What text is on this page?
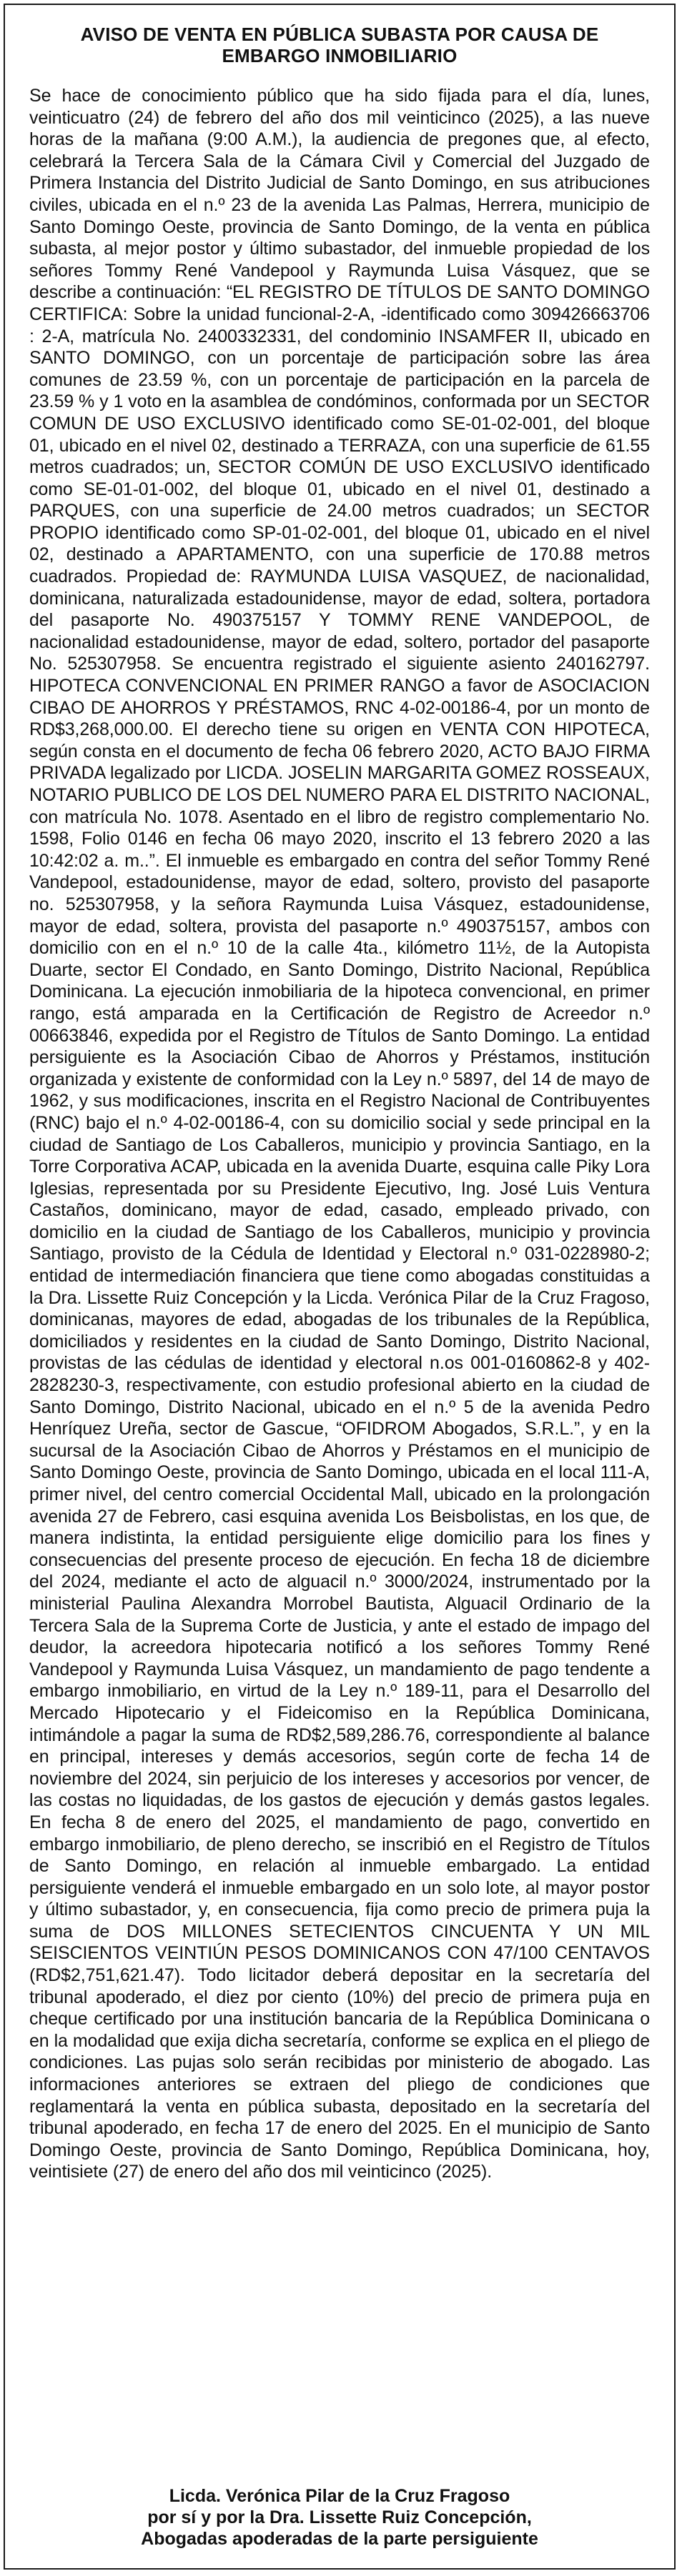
AVISO DE VENTA EN PÚBLICA SUBASTA POR CAUSA DE
EMBARGO INMOBILIARIO

Se hace de conocimiento público que ha sido fijada para el día, lunes, veinticuatro (24) de febrero del año dos mil veinticinco (2025), a las nueve horas de la mañana (9:00 A.M.), la audiencia de pregones que, al efecto, celebrará la Tercera Sala de la Cámara Civil y Comercial del Juzgado de Primera Instancia del Distrito Judicial de Santo Domingo, en sus atribuciones civiles, ubicada en el n.º 23 de la avenida Las Palmas, Herrera, municipio de Santo Domingo Oeste, provincia de Santo Domingo, de la venta en pública subasta, al mejor postor y último subastador, del inmueble propiedad de los señores Tommy René Vandepool y Raymunda Luisa Vásquez, que se describe a continuación: “EL REGISTRO DE TÍTULOS DE SANTO DOMINGO CERTIFICA: Sobre la unidad funcional-2-A, -identificado como 309426663706 : 2-A, matrícula No. 2400332331, del condominio INSAMFER II, ubicado en SANTO DOMINGO, con un porcentaje de participación sobre las área comunes de 23.59 %, con un porcentaje de participación en la parcela de 23.59 % y 1 voto en la asamblea de condóminos, conformada por un SECTOR COMUN DE USO EXCLUSIVO identificado como SE-01-02-001, del bloque 01, ubicado en el nivel 02, destinado a TERRAZA, con una superficie de 61.55 metros cuadrados; un, SECTOR COMÚN DE USO EXCLUSIVO identificado como SE-01-01-002, del bloque 01, ubicado en el nivel 01, destinado a PARQUES, con una superficie de 24.00 metros cuadrados; un SECTOR PROPIO identificado como SP-01-02-001, del bloque 01, ubicado en el nivel 02, destinado a APARTAMENTO, con una superficie de 170.88 metros cuadrados. Propiedad de: RAYMUNDA LUISA VASQUEZ, de nacionalidad, dominicana, naturalizada estadounidense, mayor de edad, soltera, portadora del pasaporte No. 490375157 Y TOMMY RENE VANDEPOOL, de nacionalidad estadounidense, mayor de edad, soltero, portador del pasaporte No. 525307958. Se encuentra registrado el siguiente asiento 240162797. HIPOTECA CONVENCIONAL EN PRIMER RANGO a favor de ASOCIACION CIBAO DE AHORROS Y PRÉSTAMOS, RNC 4-02-00186-4, por un monto de RD$3,268,000.00. El derecho tiene su origen en VENTA CON HIPOTECA, según consta en el documento de fecha 06 febrero 2020, ACTO BAJO FIRMA PRIVADA legalizado por LICDA. JOSELIN MARGARITA GOMEZ ROSSEAUX, NOTARIO PUBLICO DE LOS DEL NUMERO PARA EL DISTRITO NACIONAL, con matrícula No. 1078. Asentado en el libro de registro complementario No. 1598, Folio 0146 en fecha 06 mayo 2020, inscrito el 13 febrero 2020 a las 10:42:02 a. m..”. El inmueble es embargado en contra del señor Tommy René Vandepool, estadounidense, mayor de edad, soltero, provisto del pasaporte no. 525307958, y la señora Raymunda Luisa Vásquez, estadounidense, mayor de edad, soltera, provista del pasaporte n.º 490375157, ambos con domicilio con en el n.º 10 de la calle 4ta., kilómetro 11½, de la Autopista Duarte, sector El Condado, en Santo Domingo, Distrito Nacional, República Dominicana. La ejecución inmobiliaria de la hipoteca convencional, en primer rango, está amparada en la Certificación de Registro de Acreedor n.º 00663846, expedida por el Registro de Títulos de Santo Domingo. La entidad persiguiente es la Asociación Cibao de Ahorros y Préstamos, institución organizada y existente de conformidad con la Ley n.º 5897, del 14 de mayo de 1962, y sus modificaciones, inscrita en el Registro Nacional de Contribuyentes (RNC) bajo el n.º 4-02-00186-4, con su domicilio social y sede principal en la ciudad de Santiago de Los Caballeros, municipio y provincia Santiago, en la Torre Corporativa ACAP, ubicada en la avenida Duarte, esquina calle Piky Lora Iglesias, representada por su Presidente Ejecutivo, Ing. José Luis Ventura Castaños, dominicano, mayor de edad, casado, empleado privado, con domicilio en la ciudad de Santiago de los Caballeros, municipio y provincia Santiago, provisto de la Cédula de Identidad y Electoral n.º 031-0228980-2; entidad de intermediación financiera que tiene como abogadas constituidas a la Dra. Lissette Ruiz Concepción y la Licda. Verónica Pilar de la Cruz Fragoso, dominicanas, mayores de edad, abogadas de los tribunales de la República, domiciliados y residentes en la ciudad de Santo Domingo, Distrito Nacional, provistas de las cédulas de identidad y electoral n.os 001-0160862-8 y 402-2828230-3, respectivamente, con estudio profesional abierto en la ciudad de Santo Domingo, Distrito Nacional, ubicado en el n.º 5 de la avenida Pedro Henríquez Ureña, sector de Gascue, “OFIDROM Abogados, S.R.L.”, y en la sucursal de la Asociación Cibao de Ahorros y Préstamos en el municipio de Santo Domingo Oeste, provincia de Santo Domingo, ubicada en el local 111-A, primer nivel, del centro comercial Occidental Mall, ubicado en la prolongación avenida 27 de Febrero, casi esquina avenida Los Beisbolistas, en los que, de manera indistinta, la entidad persiguiente elige domicilio para los fines y consecuencias del presente proceso de ejecución. En fecha 18 de diciembre del 2024, mediante el acto de alguacil n.º 3000/2024, instrumentado por la ministerial Paulina Alexandra Morrobel Bautista, Alguacil Ordinario de la Tercera Sala de la Suprema Corte de Justicia, y ante el estado de impago del deudor, la acreedora hipotecaria notificó a los señores Tommy René Vandepool y Raymunda Luisa Vásquez, un mandamiento de pago tendente a embargo inmobiliario, en virtud de la Ley n.º 189-11, para el Desarrollo del Mercado Hipotecario y el Fideicomiso en la República Dominicana, intimándole a pagar la suma de RD$2,589,286.76, correspondiente al balance en principal, intereses y demás accesorios, según corte de fecha 14 de noviembre del 2024, sin perjuicio de los intereses y accesorios por vencer, de las costas no liquidadas, de los gastos de ejecución y demás gastos legales. En fecha 8 de enero del 2025, el mandamiento de pago, convertido en embargo inmobiliario, de pleno derecho, se inscribió en el Registro de Títulos de Santo Domingo, en relación al inmueble embargado. La entidad persiguiente venderá el inmueble embargado en un solo lote, al mayor postor y último subastador, y, en consecuencia, fija como precio de primera puja la suma de DOS MILLONES SETECIENTOS CINCUENTA Y UN MIL SEISCIENTOS VEINTIÚN PESOS DOMINICANOS CON 47/100 CENTAVOS (RD$2,751,621.47). Todo licitador deberá depositar en la secretaría del tribunal apoderado, el diez por ciento (10%) del precio de primera puja en cheque certificado por una institución bancaria de la República Dominicana o en la modalidad que exija dicha secretaría, conforme se explica en el pliego de condiciones. Las pujas solo serán recibidas por ministerio de abogado. Las informaciones anteriores se extraen del pliego de condiciones que reglamentará la venta en pública subasta, depositado en la secretaría del tribunal apoderado, en fecha 17 de enero del 2025. En el municipio de Santo Domingo Oeste, provincia de Santo Domingo, República Dominicana, hoy, veintisiete (27) de enero del año dos mil veinticinco (2025).

Licda. Verónica Pilar de la Cruz Fragoso
por sí y por la Dra. Lissette Ruiz Concepción,
Abogadas apoderadas de la parte persiguiente
